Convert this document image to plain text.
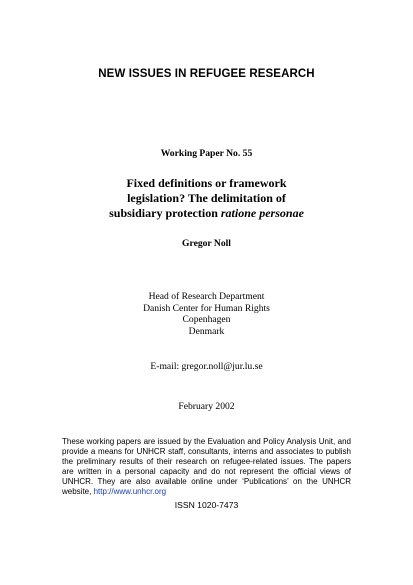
NEW ISSUES IN REFUGEE RESEARCH
Working Paper No. 55
Fixed definitions or framework
legislation? The delimitation of
subsidiary protection ratione personae
Gregor Noll
Head of Research Department
Danish Center for Human Rights
Copenhagen
Denmark
E-mail: gregor.noll@jur.lu.se
February 2002
These working papers are issued by the Evaluation and Policy Analysis Unit, and provide a means for UNHCR staff, consultants, interns and associates to publish the preliminary results of their research on refugee-related issues. The papers are written in a personal capacity and do not represent the official views of UNHCR. They are also available online under ‘Publications’ on the UNHCR website, http://www.unhcr.org
ISSN 1020-7473
